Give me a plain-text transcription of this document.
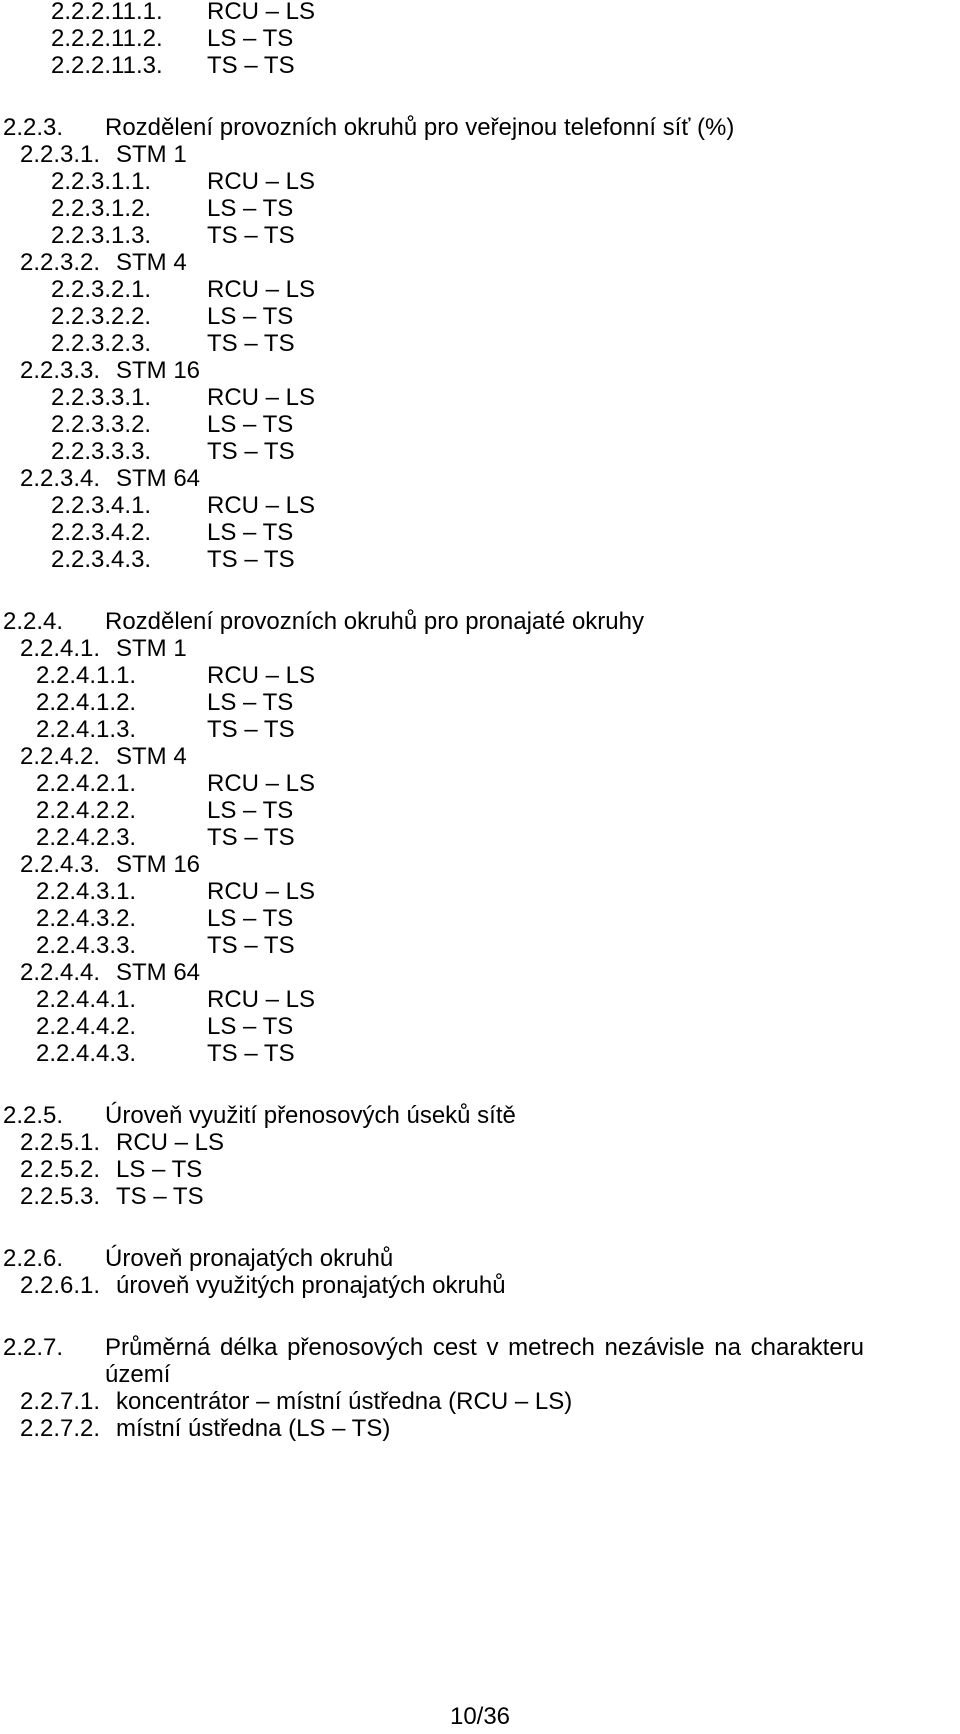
2.2.2.11.1. RCU – LS
2.2.2.11.2. LS – TS
2.2.2.11.3. TS – TS
2.2.3. Rozdělení provozních okruhů pro veřejnou telefonní síť (%)
2.2.3.1. STM 1
2.2.3.1.1. RCU – LS
2.2.3.1.2. LS – TS
2.2.3.1.3. TS – TS
2.2.3.2. STM 4
2.2.3.2.1. RCU – LS
2.2.3.2.2. LS – TS
2.2.3.2.3. TS – TS
2.2.3.3. STM 16
2.2.3.3.1. RCU – LS
2.2.3.3.2. LS – TS
2.2.3.3.3. TS – TS
2.2.3.4. STM 64
2.2.3.4.1. RCU – LS
2.2.3.4.2. LS – TS
2.2.3.4.3. TS – TS
2.2.4. Rozdělení provozních okruhů pro pronajaté okruhy
2.2.4.1. STM 1
2.2.4.1.1.	RCU – LS
2.2.4.1.2.	LS – TS
2.2.4.1.3.	TS – TS
2.2.4.2. STM 4
2.2.4.2.1.	RCU – LS
2.2.4.2.2.	LS – TS
2.2.4.2.3.	TS – TS
2.2.4.3. STM 16
2.2.4.3.1.	RCU – LS
2.2.4.3.2.	LS – TS
2.2.4.3.3.	TS – TS
2.2.4.4. STM 64
2.2.4.4.1.	RCU – LS
2.2.4.4.2.	LS – TS
2.2.4.4.3.	TS – TS
2.2.5. Úroveň využití přenosových úseků sítě
2.2.5.1. RCU – LS
2.2.5.2. LS – TS
2.2.5.3. TS – TS
2.2.6. Úroveň pronajatých okruhů
2.2.6.1. úroveň využitých pronajatých okruhů
2.2.7. Průměrná délka přenosových cest v metrech nezávisle na charakteru
území
2.2.7.1. koncentrátor – místní ústředna (RCU – LS)
2.2.7.2. místní ústředna (LS – TS)
10/36
